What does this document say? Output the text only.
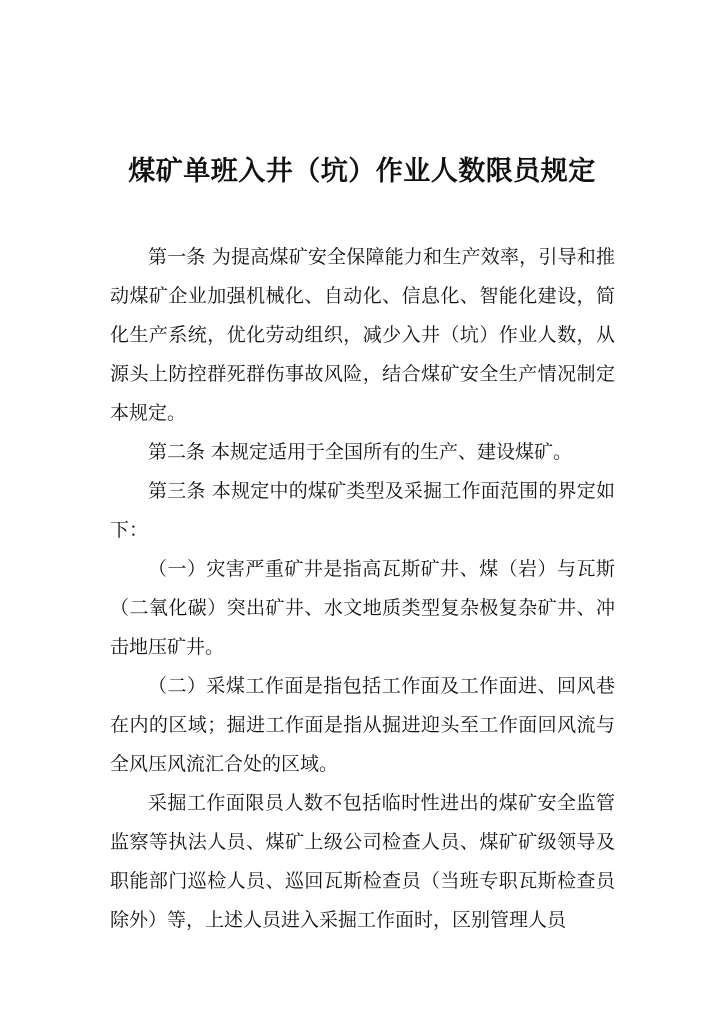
煤矿单班入井（坑）作业人数限员规定

第一条 为提高煤矿安全保障能力和生产效率，引导和推动煤矿企业加强机械化、自动化、信息化、智能化建设，简化生产系统，优化劳动组织，减少入井（坑）作业人数，从源头上防控群死群伤事故风险，结合煤矿安全生产情况制定本规定。

第二条 本规定适用于全国所有的生产、建设煤矿。

第三条 本规定中的煤矿类型及采掘工作面范围的界定如下：

（一）灾害严重矿井是指高瓦斯矿井、煤（岩）与瓦斯（二氧化碳）突出矿井、水文地质类型复杂极复杂矿井、冲击地压矿井。

（二）采煤工作面是指包括工作面及工作面进、回风巷在内的区域；掘进工作面是指从掘进迎头至工作面回风流与全风压风流汇合处的区域。

采掘工作面限员人数不包括临时性进出的煤矿安全监管监察等执法人员、煤矿上级公司检查人员、煤矿矿级领导及职能部门巡检人员、巡回瓦斯检查员（当班专职瓦斯检查员除外）等，上述人员进入采掘工作面时，区别管理人员
